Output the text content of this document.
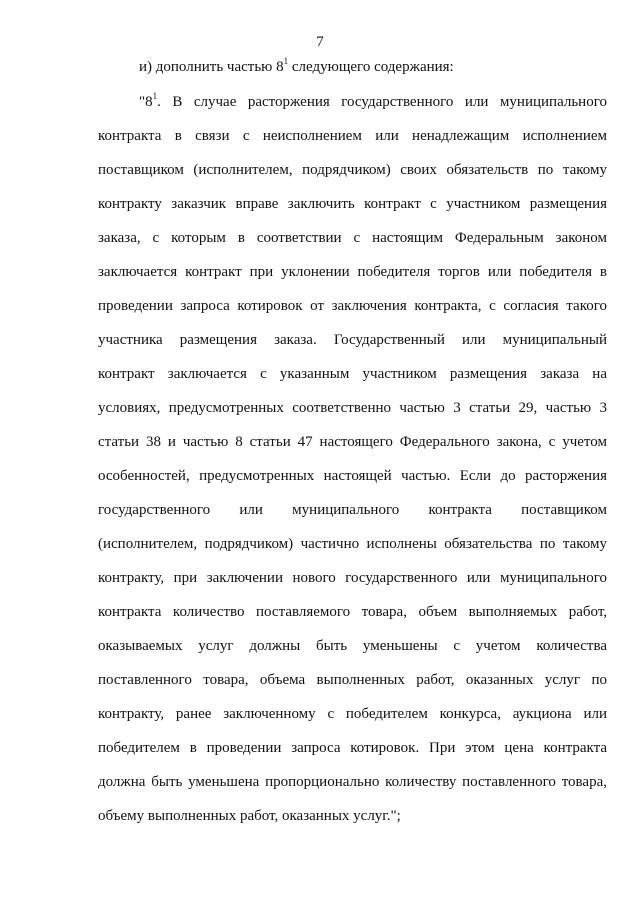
7
и) дополнить частью $8^1$ следующего содержания:
"$8^1$. В случае расторжения государственного или муниципального
контракта в связи с неисполнением или ненадлежащим исполнением
поставщиком (исполнителем, подрядчиком) своих обязательств по такому
контракту заказчик вправе заключить контракт с участником размещения
заказа, с которым в соответствии с настоящим Федеральным законом
заключается контракт при уклонении победителя торгов или победителя в
проведении запроса котировок от заключения контракта, с согласия такого
участника размещения заказа. Государственный или муниципальный
контракт заключается с указанным участником размещения заказа на
условиях, предусмотренных соответственно частью 3 статьи 29, частью 3
статьи 38 и частью 8 статьи 47 настоящего Федерального закона, с учетом
особенностей, предусмотренных настоящей частью. Если до расторжения
государственного или муниципального контракта поставщиком
(исполнителем, подрядчиком) частично исполнены обязательства по такому
контракту, при заключении нового государственного или муниципального
контракта количество поставляемого товара, объем выполняемых работ,
оказываемых услуг должны быть уменьшены с учетом количества
поставленного товара, объема выполненных работ, оказанных услуг по
контракту, ранее заключенному с победителем конкурса, аукциона или
победителем в проведении запроса котировок. При этом цена контракта
должна быть уменьшена пропорционально количеству поставленного товара,
объему выполненных работ, оказанных услуг.";
